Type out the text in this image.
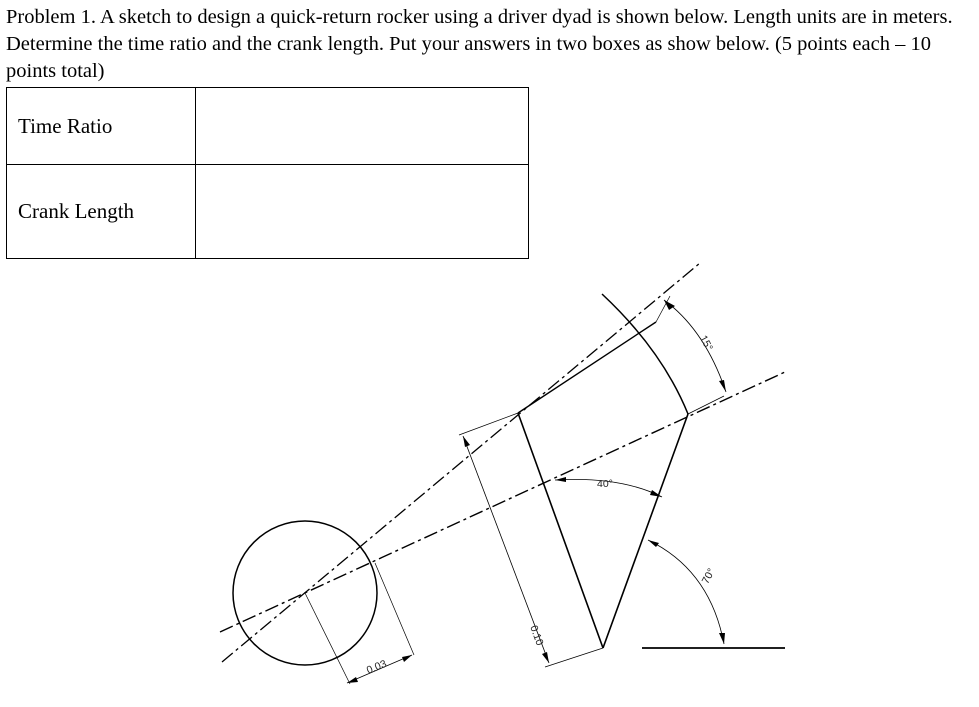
Problem 1. A sketch to design a quick-return rocker using a driver dyad is shown below. Length units are in meters. Determine the time ratio and the crank length. Put your answers in two boxes as show below. (5 points each – 10 points total)

Time Ratio	
Crank Length	
15°
40°
70°
0.03
0.10
